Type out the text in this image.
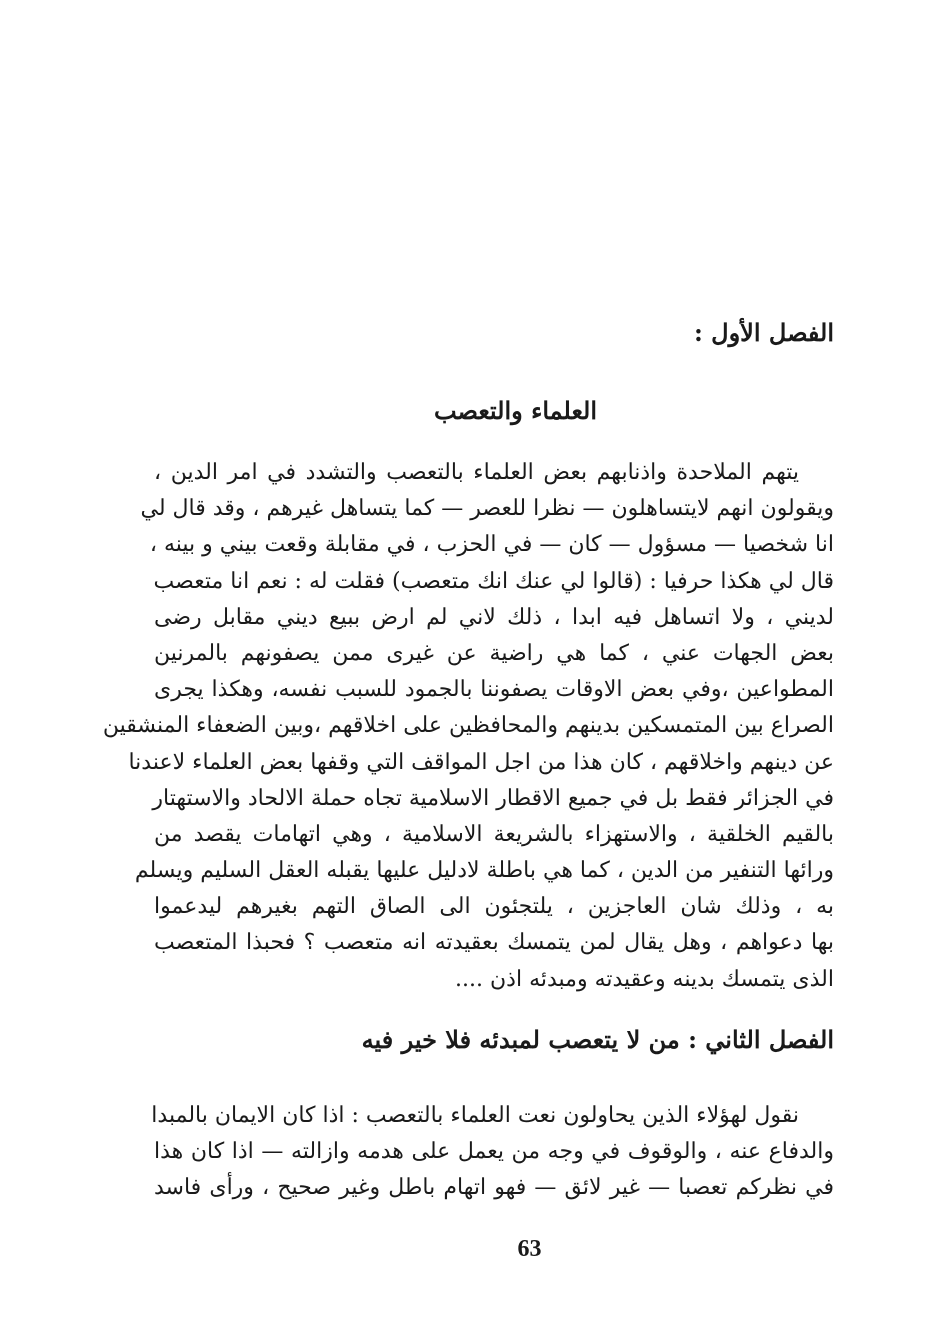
الفصل الأول :
العلماء والتعصب
يتهم الملاحدة واذنابهم بعض العلماء بالتعصب والتشدد في امر الدين ،
ويقولون انهم لايتساهلون — نظرا للعصر — كما يتساهل غيرهم ، وقد قال لي
انا شخصيا — مسؤول — كان — في الحزب ، في مقابلة وقعت بيني و بينه ،
قال لي هكذا حرفيا : (قالوا لي عنك انك متعصب) فقلت له : نعم انا متعصب
لديني ، ولا اتساهل فيه ابدا ، ذلك لاني لم ارض ببيع ديني مقابل رضى
بعض الجهات عني ، كما هي راضية عن غيرى ممن يصفونهم بالمرنين
المطواعين ،وفي بعض الاوقات يصفوننا بالجمود للسبب نفسه، وهكذا يجرى
الصراع بين المتمسكين بدينهم والمحافظين على اخلاقهم ،وبين الضعفاء المنشقين
عن دينهم واخلاقهم ، كان هذا من اجل المواقف التي وقفها بعض العلماء لاعندنا
في الجزائر فقط بل في جميع الاقطار الاسلامية تجاه حملة الالحاد والاستهتار
بالقيم الخلقية ، والاستهزاء بالشريعة الاسلامية ، وهي اتهامات يقصد من
ورائها التنفير من الدين ، كما هي باطلة لادليل عليها يقبله العقل السليم ويسلم
به ، وذلك شان العاجزين ، يلتجئون الى الصاق التهم بغيرهم ليدعموا
بها دعواهم ، وهل يقال لمن يتمسك بعقيدته انه متعصب ؟ فحبذا المتعصب
الذى يتمسك بدينه وعقيدته ومبدئه اذن ....
الفصل الثاني : من لا يتعصب لمبدئه فلا خير فيه
نقول لهؤلاء الذين يحاولون نعت العلماء بالتعصب : اذا كان الايمان بالمبدا
والدفاع عنه ، والوقوف في وجه من يعمل على هدمه وازالته — اذا كان هذا
في نظركم تعصبا — غير لائق — فهو اتهام باطل وغير صحيح ، ورأى فاسد
63
